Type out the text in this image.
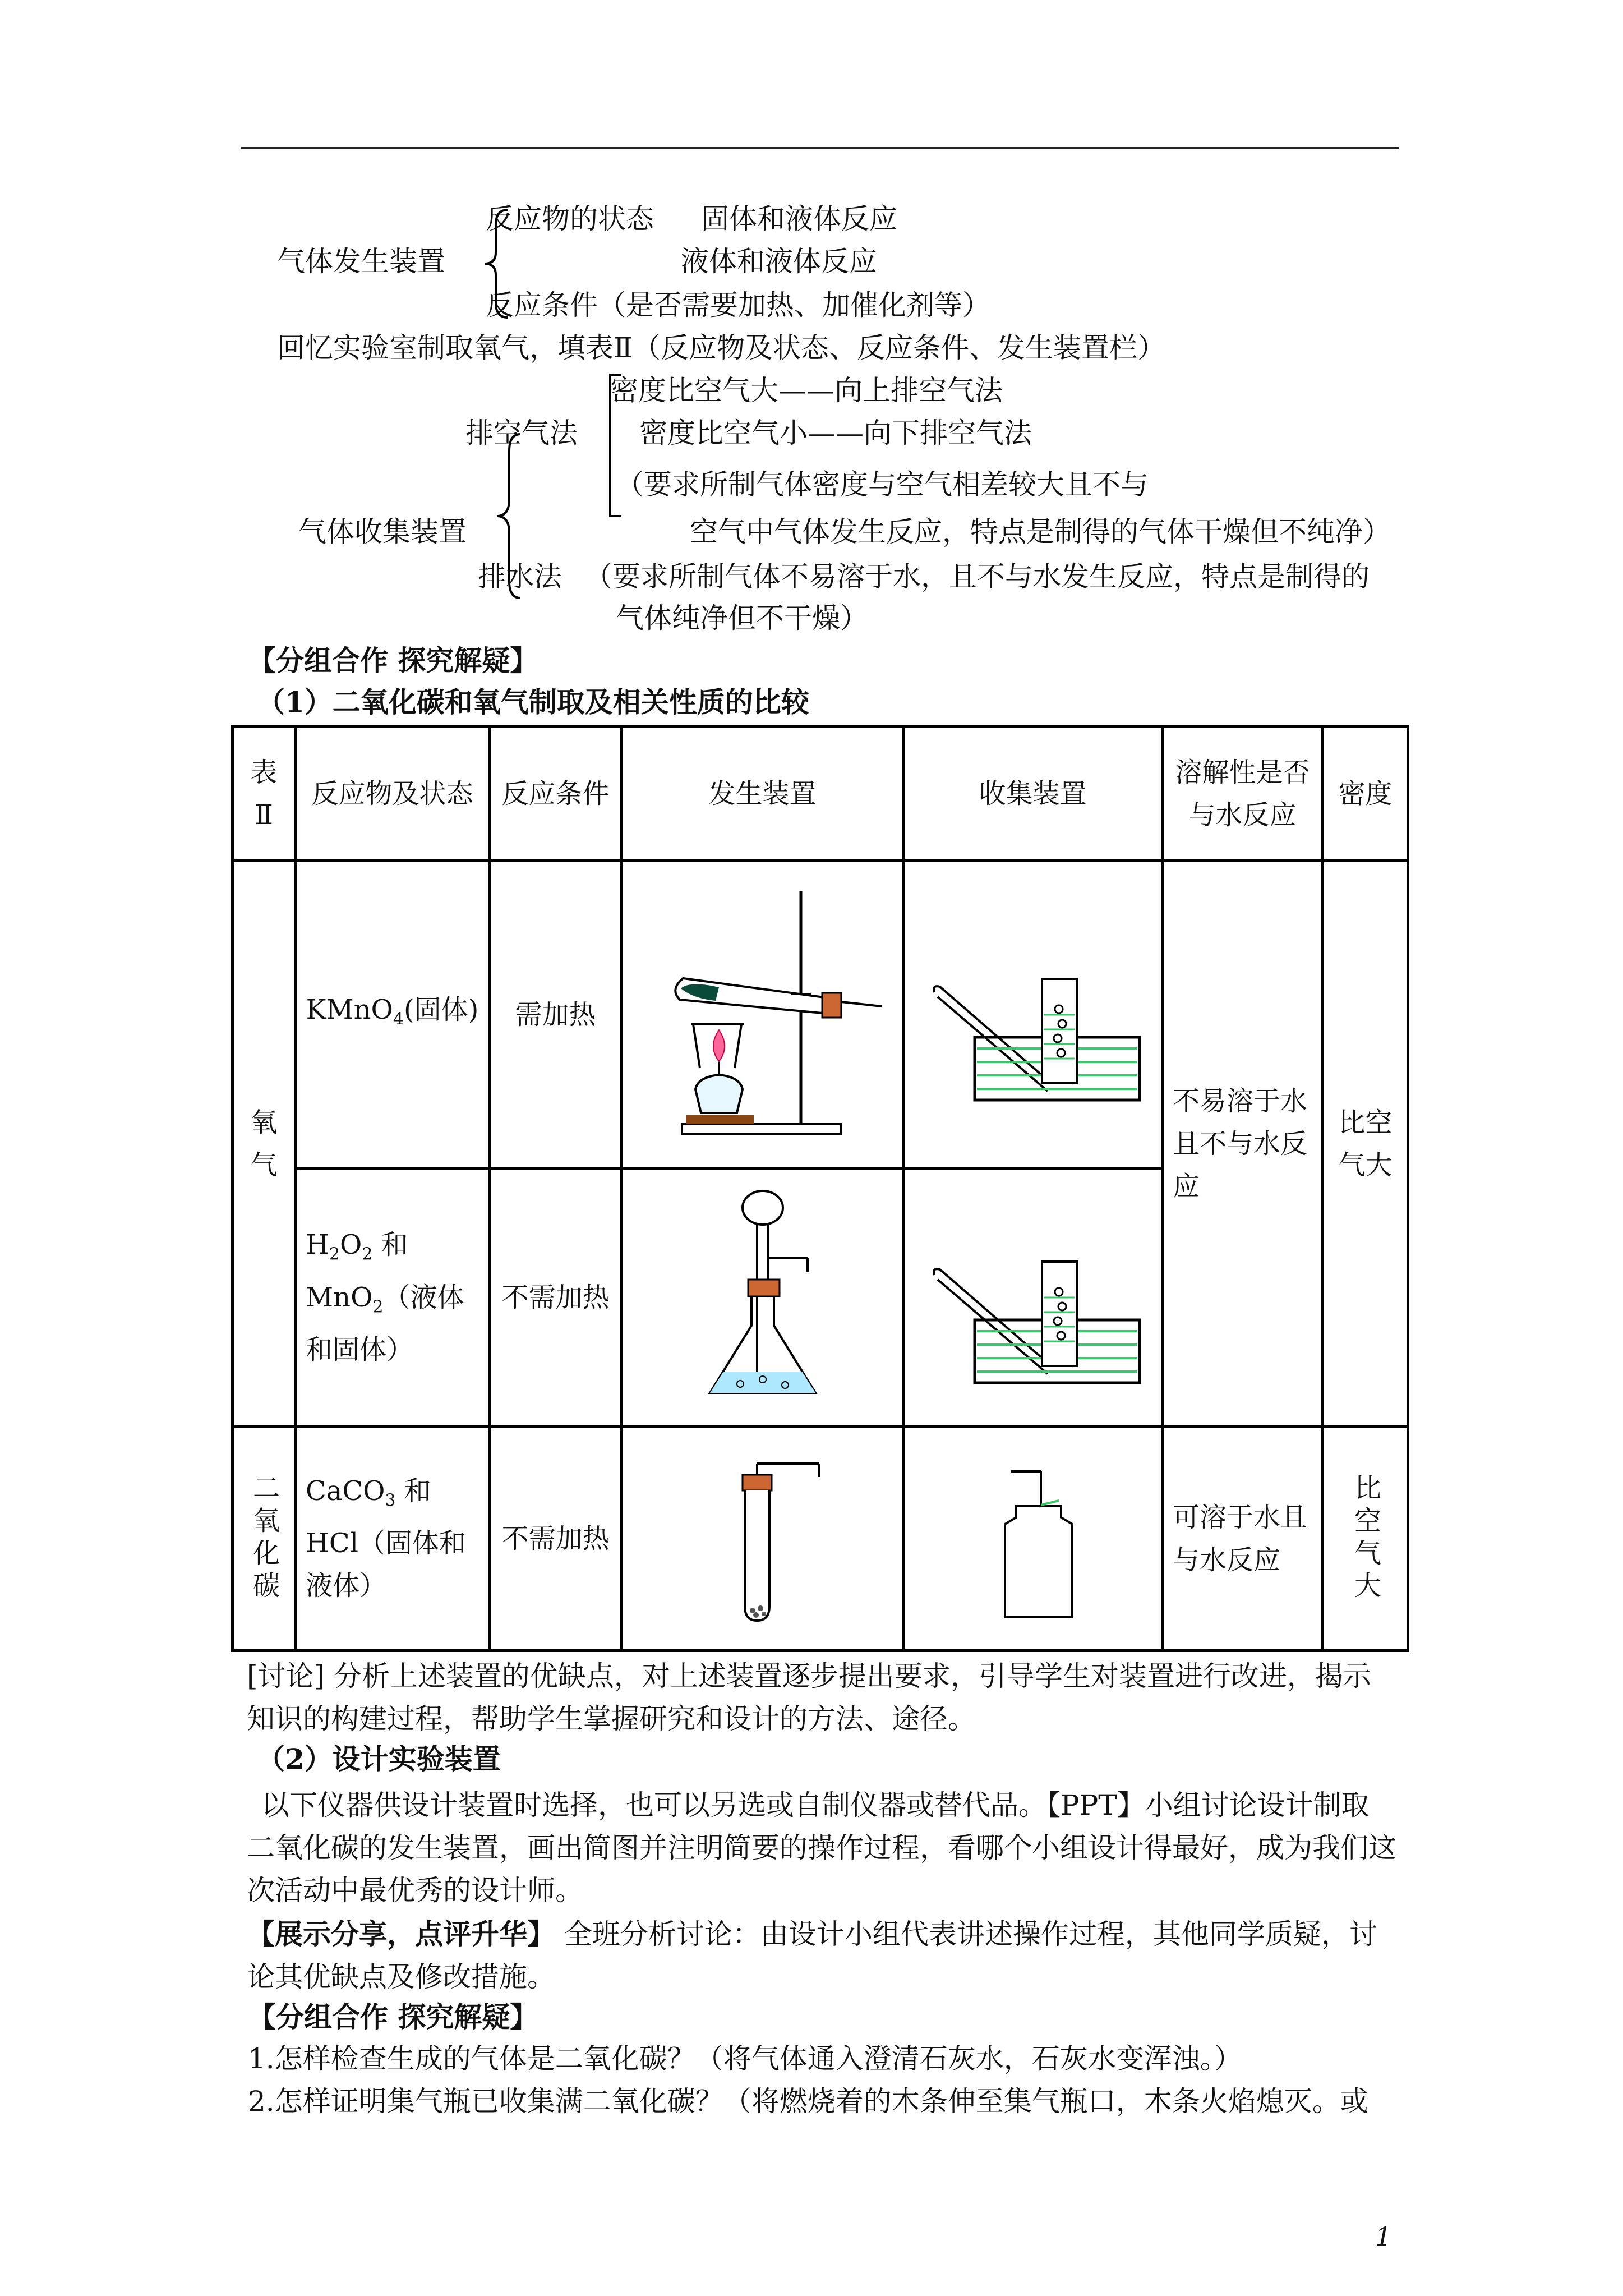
反应物的状态 固体和液体反应
气体发生装置	液体和液体反应
反应条件（是否需要加热、加催化剂等）
回忆实验室制取氧气，填表Ⅱ（反应物及状态、反应条件、发生装置栏）
密度比空气大——向上排空气法
排空气法 密度比空气小——向下排空气法
（要求所制气体密度与空气相差较大且不与
气体收集装置	空气中气体发生反应，特点是制得的气体干燥但不纯净）
排水法 （要求所制气体不易溶于水，且不与水发生反应，特点是制得的
气体纯净但不干燥）
【分组合作 探究解疑】
（1）二氧化碳和氧气制取及相关性质的比较
表Ⅱ	反应物及状态	反应条件	发生装置	收集装置	溶解性是否与水反应	密度
氧气	KMnO$_4$(固体)	需加热			不易溶于水且不与水反应	比空气大
	$H_2O_2$ 和 MnO$_2$（液体和固体）	不需加热	

二氧化碳	CaCO$_3$ 和 HCl（固体和液体）	不需加热			可溶于水且与水反应	比空气大
[讨论] 分析上述装置的优缺点，对上述装置逐步提出要求，引导学生对装置进行改进，揭示知识的构建过程，帮助学生掌握研究和设计的方法、途径。
（2）设计实验装置
以下仪器供设计装置时选择，也可以另选或自制仪器或替代品。【PPT】小组讨论设计制取二氧化碳的发生装置，画出简图并注明简要的操作过程，看哪个小组设计得最好，成为我们这次活动中最优秀的设计师。
【展示分享，点评升华】 全班分析讨论：由设计小组代表讲述操作过程，其他同学质疑，讨论其优缺点及修改措施。
【分组合作 探究解疑】
1.怎样检查生成的气体是二氧化碳？（将气体通入澄清石灰水，石灰水变浑浊。）
2.怎样证明集气瓶已收集满二氧化碳？（将燃烧着的木条伸至集气瓶口，木条火焰熄灭。或
1
